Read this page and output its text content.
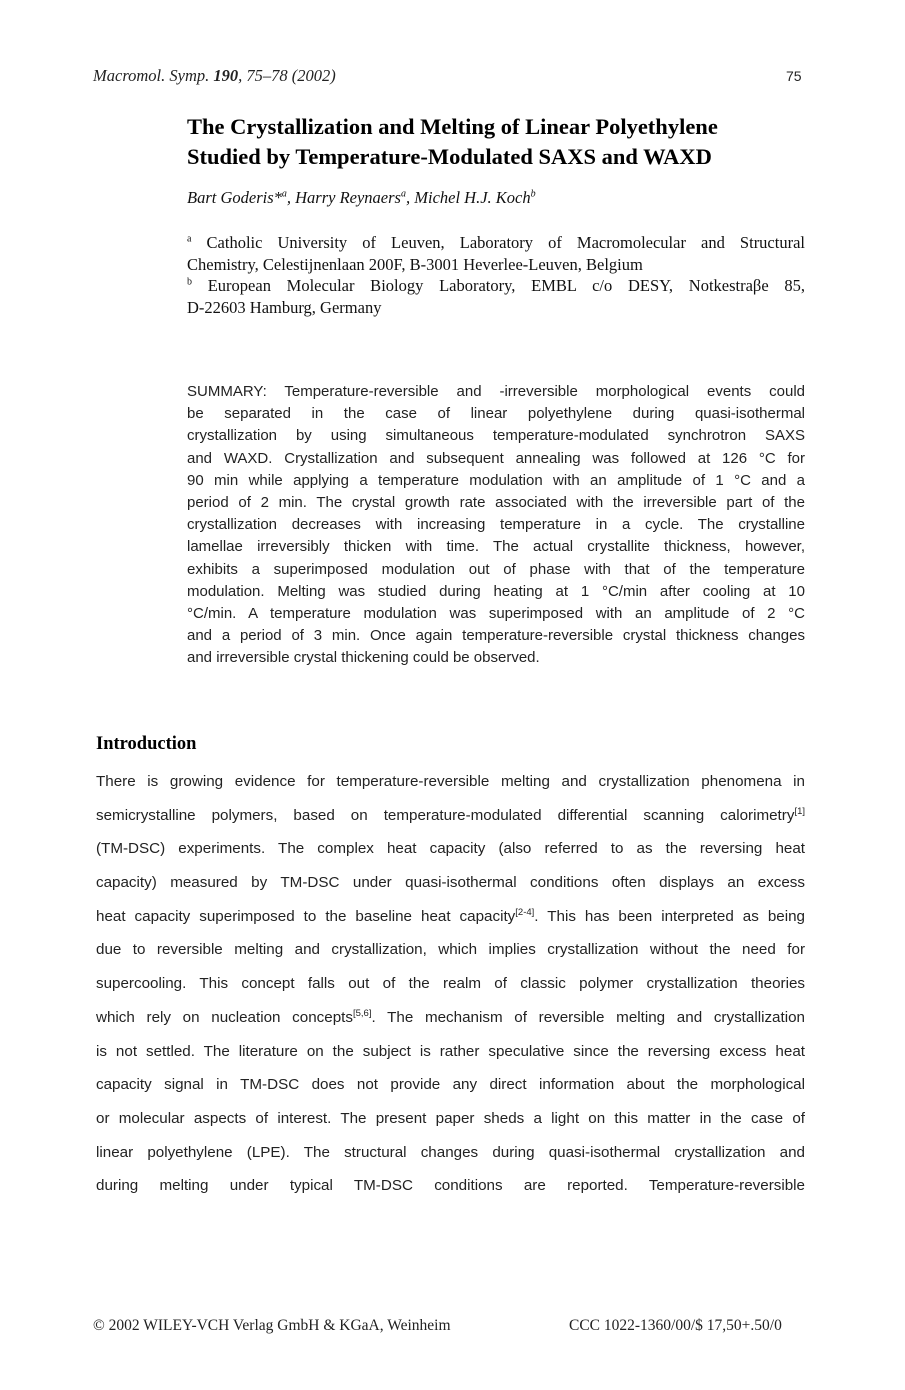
Macromol. Symp. 190, 75–78 (2002)	75
The Crystallization and Melting of Linear Polyethylene
Studied by Temperature-Modulated SAXS and WAXD
Bart Goderis*$^a$, Harry Reynaers$^a$, Michel H.J. Koch$^b$

$^a$ Catholic University of Leuven, Laboratory of Macromolecular and Structural

Chemistry, Celestijnenlaan 200F, B-3001 Heverlee-Leuven, Belgium

$^b$ European Molecular Biology Laboratory, EMBL c/o DESY, Notkestraβe 85,

D-22603 Hamburg, Germany

SUMMARY: Temperature-reversible and -irreversible morphological events could
be separated in the case of linear polyethylene during quasi-isothermal
crystallization by using simultaneous temperature-modulated synchrotron SAXS
and WAXD. Crystallization and subsequent annealing was followed at 126 °C for
90 min while applying a temperature modulation with an amplitude of 1 °C and a
period of 2 min. The crystal growth rate associated with the irreversible part of the
crystallization decreases with increasing temperature in a cycle. The crystalline
lamellae irreversibly thicken with time. The actual crystallite thickness, however,
exhibits a superimposed modulation out of phase with that of the temperature
modulation. Melting was studied during heating at 1 °C/min after cooling at 10
°C/min. A temperature modulation was superimposed with an amplitude of 2 °C
and a period of 3 min. Once again temperature-reversible crystal thickness changes
and irreversible crystal thickening could be observed.
Introduction
There is growing evidence for temperature-reversible melting and crystallization phenomena in
semicrystalline polymers, based on temperature-modulated differential scanning calorimetry[1]
(TM-DSC) experiments. The complex heat capacity (also referred to as the reversing heat
capacity) measured by TM-DSC under quasi-isothermal conditions often displays an excess
heat capacity superimposed to the baseline heat capacity[2-4]. This has been interpreted as being
due to reversible melting and crystallization, which implies crystallization without the need for
supercooling. This concept falls out of the realm of classic polymer crystallization theories
which rely on nucleation concepts[5,6]. The mechanism of reversible melting and crystallization
is not settled. The literature on the subject is rather speculative since the reversing excess heat
capacity signal in TM-DSC does not provide any direct information about the morphological
or molecular aspects of interest. The present paper sheds a light on this matter in the case of
linear polyethylene (LPE). The structural changes during quasi-isothermal crystallization and
during melting under typical TM-DSC conditions are reported. Temperature-reversible
© 2002 WILEY-VCH Verlag GmbH & KGaA, Weinheim	CCC 1022-1360/00/$ 17,50+.50/0
